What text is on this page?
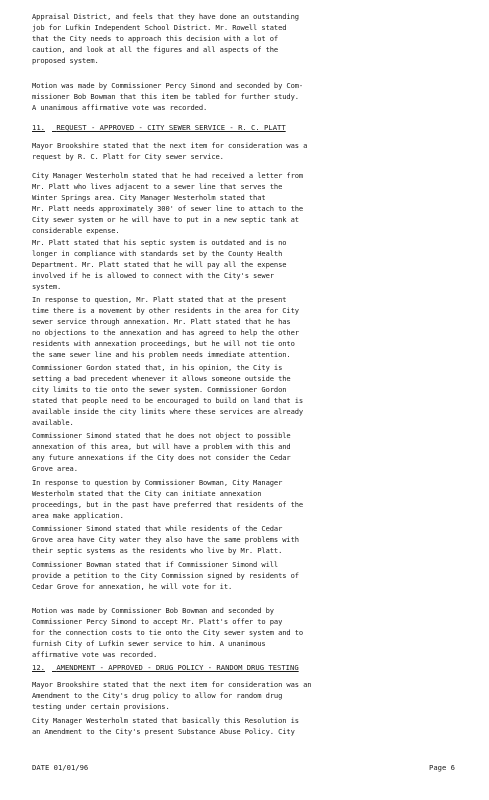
Appraisal District, and feels that they have done an outstanding
job for Lufkin Independent School District. Mr. Rowell stated
that the City needs to approach this decision with a lot of
caution, and look at all the figures and all aspects of the
proposed system.

Motion was made by Commissioner Percy Simond and seconded by Com-
missioner Bob Bowman that this item be tabled for further study.
A unanimous affirmative vote was recorded.

11. REQUEST - APPROVED - CITY SEWER SERVICE - R. C. PLATT

Mayor Brookshire stated that the next item for consideration was a
request by R. C. Platt for City sewer service.

City Manager Westerholm stated that he had received a letter from
Mr. Platt who lives adjacent to a sewer line that serves the
Winter Springs area. City Manager Westerholm stated that
Mr. Platt needs approximately 300' of sewer line to attach to the
City sewer system or he will have to put in a new septic tank at
considerable expense.

Mr. Platt stated that his septic system is outdated and is no
longer in compliance with standards set by the County Health
Department. Mr. Platt stated that he will pay all the expense
involved if he is allowed to connect with the City's sewer
system.

In response to question, Mr. Platt stated that at the present
time there is a movement by other residents in the area for City
sewer service through annexation. Mr. Platt stated that he has
no objections to the annexation and has agreed to help the other
residents with annexation proceedings, but he will not tie onto
the same sewer line and his problem needs immediate attention.

Commissioner Gordon stated that, in his opinion, the City is
setting a bad precedent whenever it allows someone outside the
city limits to tie onto the sewer system. Commissioner Gordon
stated that people need to be encouraged to build on land that is
available inside the city limits where these services are already
available.

Commissioner Simond stated that he does not object to possible
annexation of this area, but will have a problem with this and
any future annexations if the City does not consider the Cedar
Grove area.

In response to question by Commissioner Bowman, City Manager
Westerholm stated that the City can initiate annexation
proceedings, but in the past have preferred that residents of the
area make application.

Commissioner Simond stated that while residents of the Cedar
Grove area have City water they also have the same problems with
their septic systems as the residents who live by Mr. Platt.

Commissioner Bowman stated that if Commissioner Simond will
provide a petition to the City Commission signed by residents of
Cedar Grove for annexation, he will vote for it.

Motion was made by Commissioner Bob Bowman and seconded by
Commissioner Percy Simond to accept Mr. Platt's offer to pay
for the connection costs to tie onto the City sewer system and to
furnish City of Lufkin sewer service to him. A unanimous
affirmative vote was recorded.

12. AMENDMENT - APPROVED - DRUG POLICY - RANDOM DRUG TESTING

Mayor Brookshire stated that the next item for consideration was an
Amendment to the City's drug policy to allow for random drug
testing under certain provisions.

City Manager Westerholm stated that basically this Resolution is
an Amendment to the City's present Substance Abuse Policy. City

DATE 01/01/96	Page 6
